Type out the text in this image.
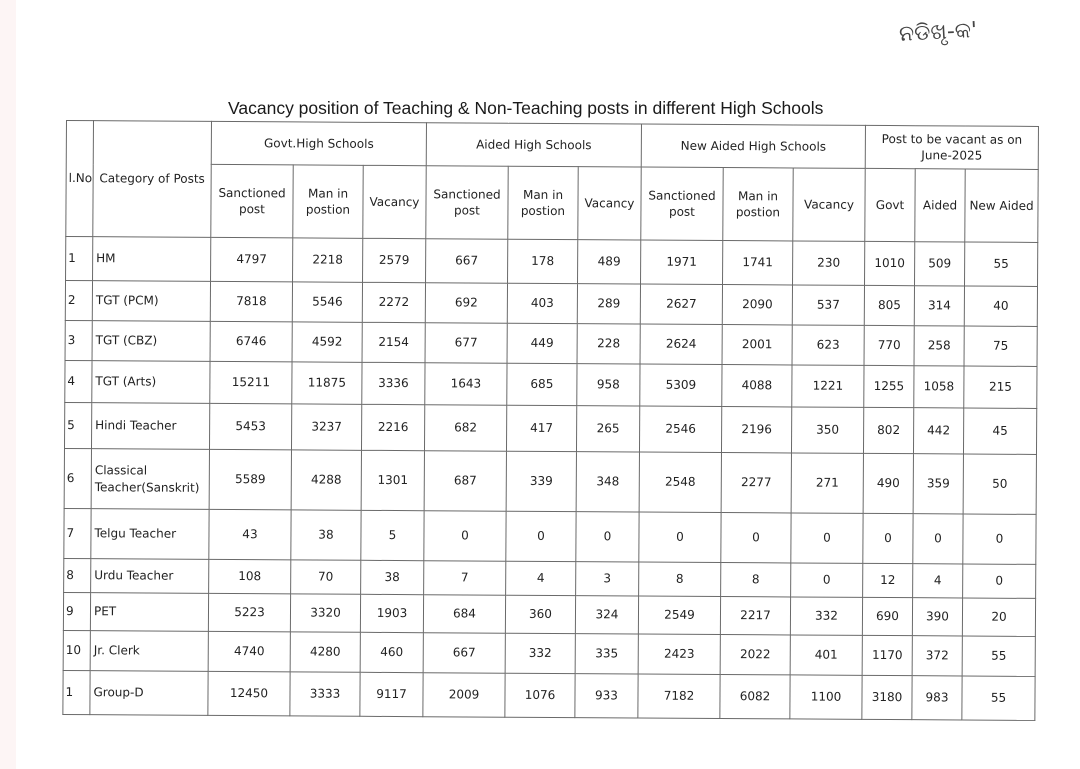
ନଡିଖୃ-କ'
Vacancy position of Teaching & Non-Teaching posts in different High Schools
l.No	Category of Posts	Govt.High Schools			Aided High Schools			New Aided High Schools			Post to be vacant as on June-2025		
		Sanctioned post	Man in postion	Vacancy	Sanctioned post	Man in postion	Vacancy	Sanctioned post	Man in postion	Vacancy	Govt	Aided	New Aided
1	HM	4797	2218	2579	667	178	489	1971	1741	230	1010	509	55
2	TGT (PCM)	7818	5546	2272	692	403	289	2627	2090	537	805	314	40
3	TGT (CBZ)	6746	4592	2154	677	449	228	2624	2001	623	770	258	75
4	TGT (Arts)	15211	11875	3336	1643	685	958	5309	4088	1221	1255	1058	215
5	Hindi Teacher	5453	3237	2216	682	417	265	2546	2196	350	802	442	45
6	Classical Teacher(Sanskrit)	5589	4288	1301	687	339	348	2548	2277	271	490	359	50
7	Telgu Teacher	43	38	5	0	0	0	0	0	0	0	0	0
8	Urdu Teacher	108	70	38	7	4	3	8	8	0	12	4	0
9	PET	5223	3320	1903	684	360	324	2549	2217	332	690	390	20
10	Jr. Clerk	4740	4280	460	667	332	335	2423	2022	401	1170	372	55
1	Group-D	12450	3333	9117	2009	1076	933	7182	6082	1100	3180	983	55
